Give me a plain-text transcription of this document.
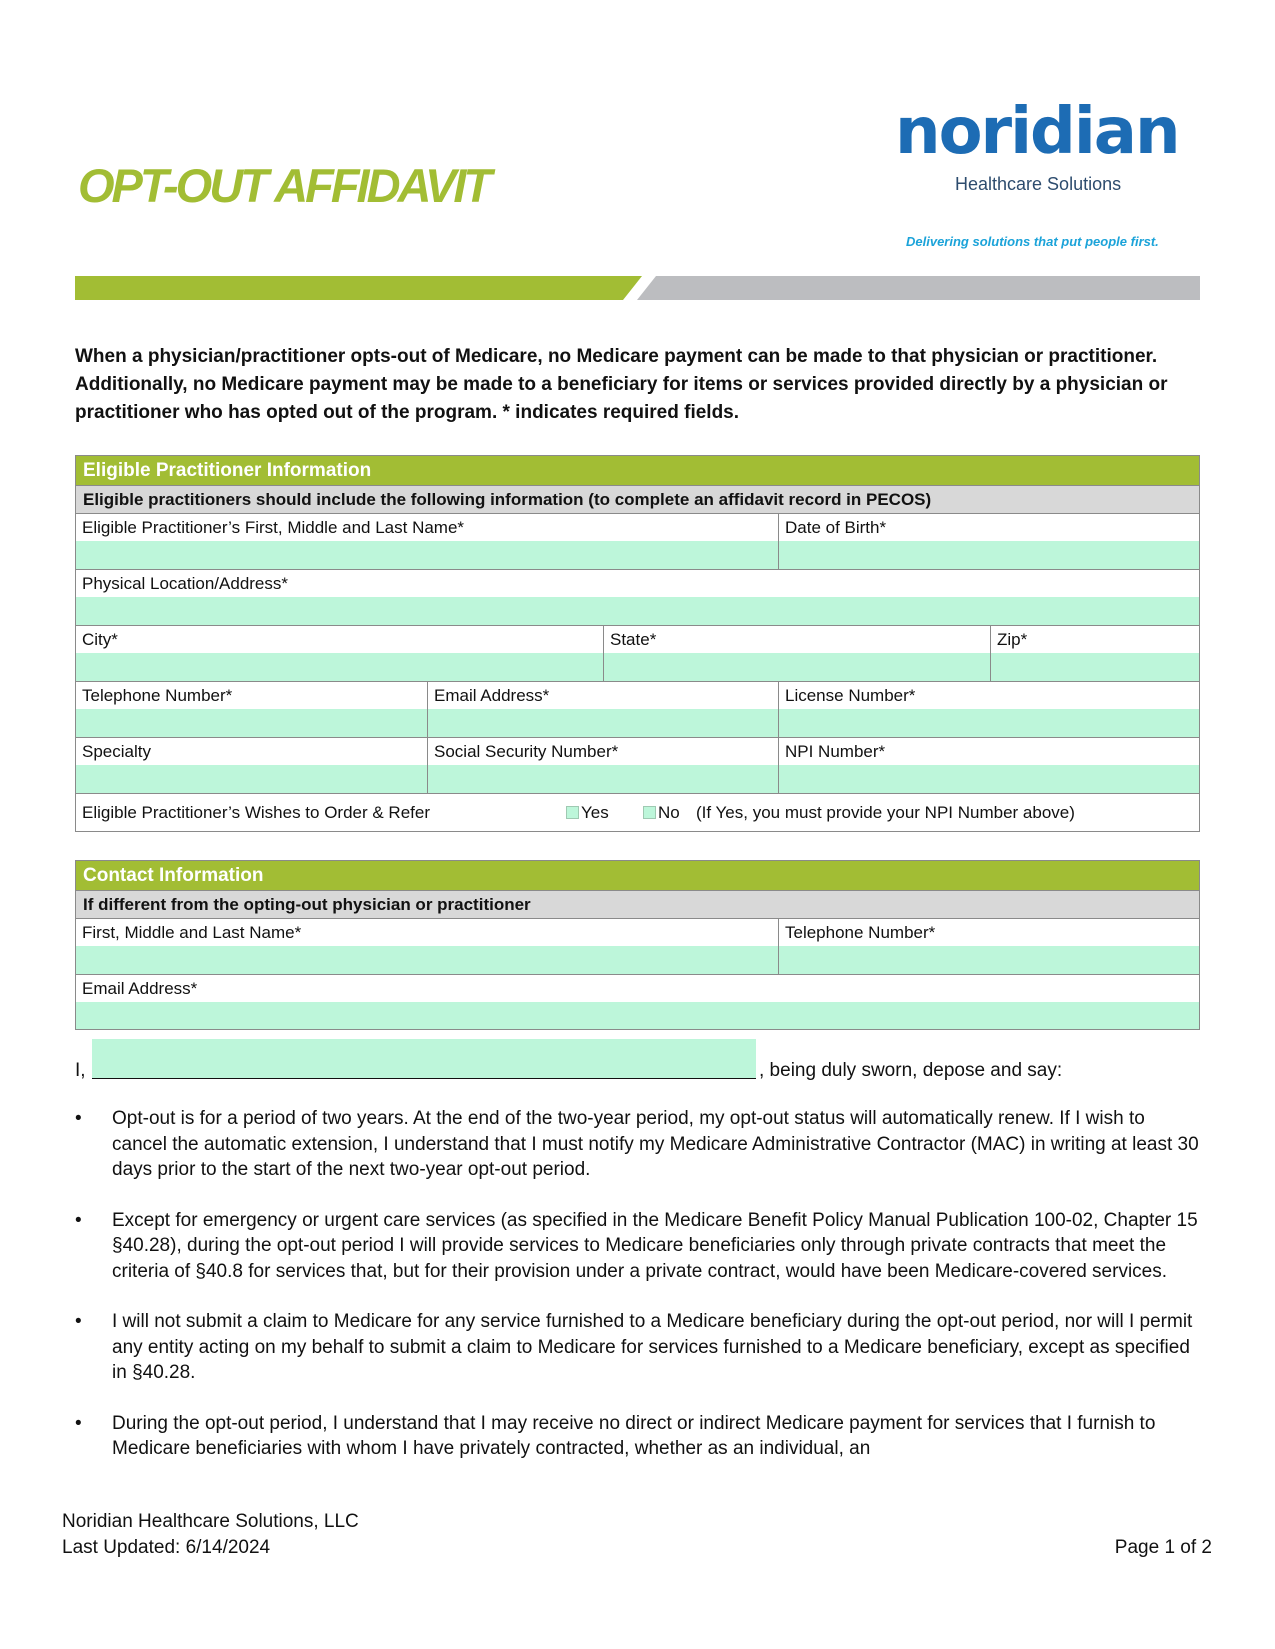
OPT-OUT AFFIDAVIT
noridian
Healthcare Solutions
Delivering solutions that put people first.
When a physician/practitioner opts-out of Medicare, no Medicare payment can be made to that physician or practitioner. Additionally, no Medicare payment may be made to a beneficiary for items or services provided directly by a physician or practitioner who has opted out of the program. * indicates required fields.
Eligible Practitioner Information
Eligible practitioners should include the following information (to complete an affidavit record in PECOS)
Eligible Practitioner’s First, Middle and Last Name*	Date of Birth*
Physical Location/Address*
City*	State*	Zip*
Telephone Number*	Email Address*	License Number*
Specialty	Social Security Number*	NPI Number*
Eligible Practitioner’s Wishes to Order & Refer	Yes	No (If Yes, you must provide your NPI Number above)
Contact Information
If different from the opting-out physician or practitioner
First, Middle and Last Name*	Telephone Number*
Email Address*
I,	, being duly sworn, depose and say:
• Opt-out is for a period of two years. At the end of the two-year period, my opt-out status will automatically renew. If I wish to cancel the automatic extension, I understand that I must notify my Medicare Administrative Contractor (MAC) in writing at least 30 days prior to the start of the next two-year opt-out period.
• Except for emergency or urgent care services (as specified in the Medicare Benefit Policy Manual Publication 100-02, Chapter 15 §40.28), during the opt-out period I will provide services to Medicare beneficiaries only through private contracts that meet the criteria of §40.8 for services that, but for their provision under a private contract, would have been Medicare-covered services.
• I will not submit a claim to Medicare for any service furnished to a Medicare beneficiary during the opt-out period, nor will I permit any entity acting on my behalf to submit a claim to Medicare for services furnished to a Medicare beneficiary, except as specified in §40.28.
• During the opt-out period, I understand that I may receive no direct or indirect Medicare payment for services that I furnish to Medicare beneficiaries with whom I have privately contracted, whether as an individual, an
Noridian Healthcare Solutions, LLC
Last Updated: 6/14/2024	Page 1 of 2
